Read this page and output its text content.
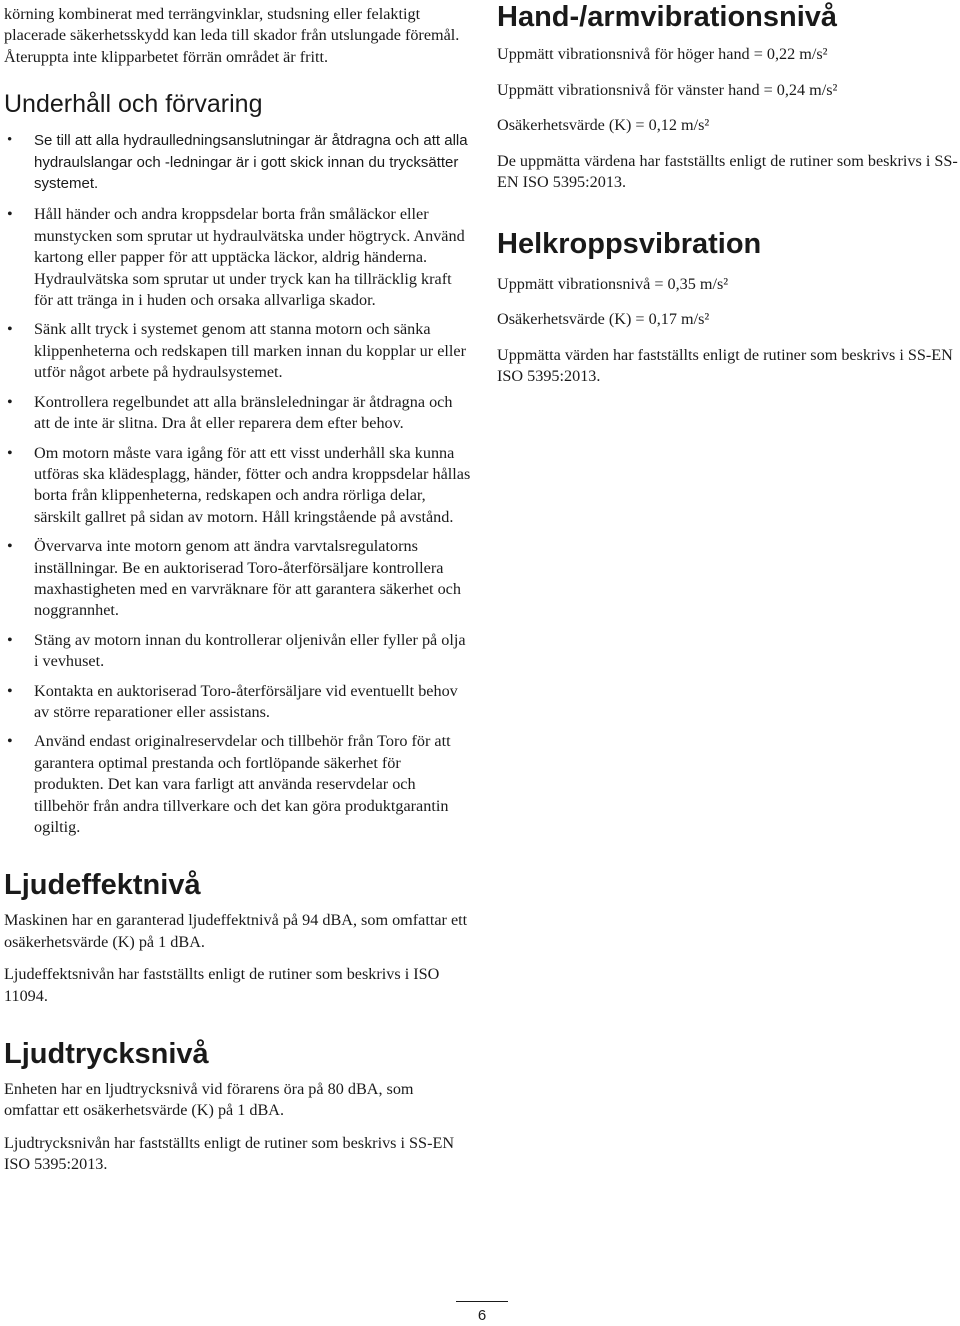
körning kombinerat med terrängvinklar, studsning eller felaktigt placerade säkerhetsskydd kan leda till skador från utslungade föremål. Återuppta inte klipparbetet förrän området är fritt.

Underhåll och förvaring
• Se till att alla hydraulledningsanslutningar är åtdragna och att alla hydraulslangar och -ledningar är i gott skick innan du trycksätter systemet.
• Håll händer och andra kroppsdelar borta från småläckor eller munstycken som sprutar ut hydraulvätska under högtryck. Använd kartong eller papper för att upptäcka läckor, aldrig händerna. Hydraulvätska som sprutar ut under tryck kan ha tillräcklig kraft för att tränga in i huden och orsaka allvarliga skador.
• Sänk allt tryck i systemet genom att stanna motorn och sänka klippenheterna och redskapen till marken innan du kopplar ur eller utför något arbete på hydraulsystemet.
• Kontrollera regelbundet att alla bränsleledningar är åtdragna och att de inte är slitna. Dra åt eller reparera dem efter behov.
• Om motorn måste vara igång för att ett visst underhåll ska kunna utföras ska klädesplagg, händer, fötter och andra kroppsdelar hållas borta från klippenheterna, redskapen och andra rörliga delar, särskilt gallret på sidan av motorn. Håll kringstående på avstånd.
• Övervarva inte motorn genom att ändra varvtalsregulatorns inställningar. Be en auktoriserad Toro-återförsäljare kontrollera maxhastigheten med en varvräknare för att garantera säkerhet och noggrannhet.
• Stäng av motorn innan du kontrollerar oljenivån eller fyller på olja i vevhuset.
• Kontakta en auktoriserad Toro-återförsäljare vid eventuellt behov av större reparationer eller assistans.
• Använd endast originalreservdelar och tillbehör från Toro för att garantera optimal prestanda och fortlöpande säkerhet för produkten. Det kan vara farligt att använda reservdelar och tillbehör från andra tillverkare och det kan göra produktgarantin ogiltig.
Ljudeffektnivå

Maskinen har en garanterad ljudeffektnivå på 94 dBA, som omfattar ett osäkerhetsvärde (K) på 1 dBA.

Ljudeffektsnivån har fastställts enligt de rutiner som beskrivs i ISO 11094.

Ljudtrycksnivå

Enheten har en ljudtrycksnivå vid förarens öra på 80 dBA, som omfattar ett osäkerhetsvärde (K) på 1 dBA.

Ljudtrycksnivån har fastställts enligt de rutiner som beskrivs i SS-EN ISO 5395:2013.

Hand-/armvibrationsnivå

Uppmätt vibrationsnivå för höger hand = 0,22 m/s²

Uppmätt vibrationsnivå för vänster hand = 0,24 m/s²

Osäkerhetsvärde (K) = 0,12 m/s²

De uppmätta värdena har fastställts enligt de rutiner som beskrivs i SS-EN ISO 5395:2013.

Helkroppsvibration

Uppmätt vibrationsnivå = 0,35 m/s²

Osäkerhetsvärde (K) = 0,17 m/s²

Uppmätta värden har fastställts enligt de rutiner som beskrivs i SS-EN ISO 5395:2013.

6
